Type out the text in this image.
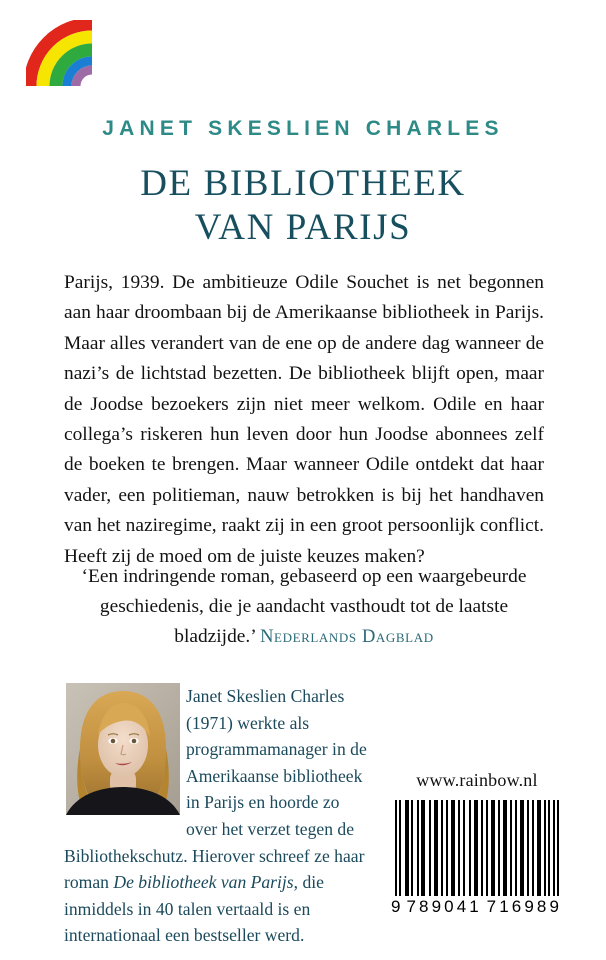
JANET SKESLIEN CHARLES
DE BIBLIOTHEEK
VAN PARIJS
Parijs, 1939. De ambitieuze Odile Souchet is net begonnen aan haar droombaan bij de Amerikaanse bibliotheek in Parijs. Maar alles verandert van de ene op de andere dag wanneer de nazi’s de lichtstad bezetten. De bibliotheek blijft open, maar de Joodse bezoekers zijn niet meer welkom. Odile en haar collega’s riskeren hun leven door hun Joodse abonnees zelf de boeken te brengen. Maar wanneer Odile ontdekt dat haar vader, een politieman, nauw betrokken is bij het handhaven van het naziregime, raakt zij in een groot persoonlijk conflict. Heeft zij de moed om de juiste keuzes maken?
‘Een indringende roman, gebaseerd op een waargebeurde geschiedenis, die je aandacht vasthoudt tot de laatste bladzijde.’ Nederlands Dagblad
Janet Skeslien Charles (1971) werkte als programmamanager in de Amerikaanse bibliotheek in Parijs en hoorde zo over het verzet tegen de Bibliothekschutz. Hierover schreef ze haar roman De bibliotheek van Parijs, die inmiddels in 40 talen vertaald is en internationaal een bestseller werd.
www.rainbow.nl
9 789041 716989
